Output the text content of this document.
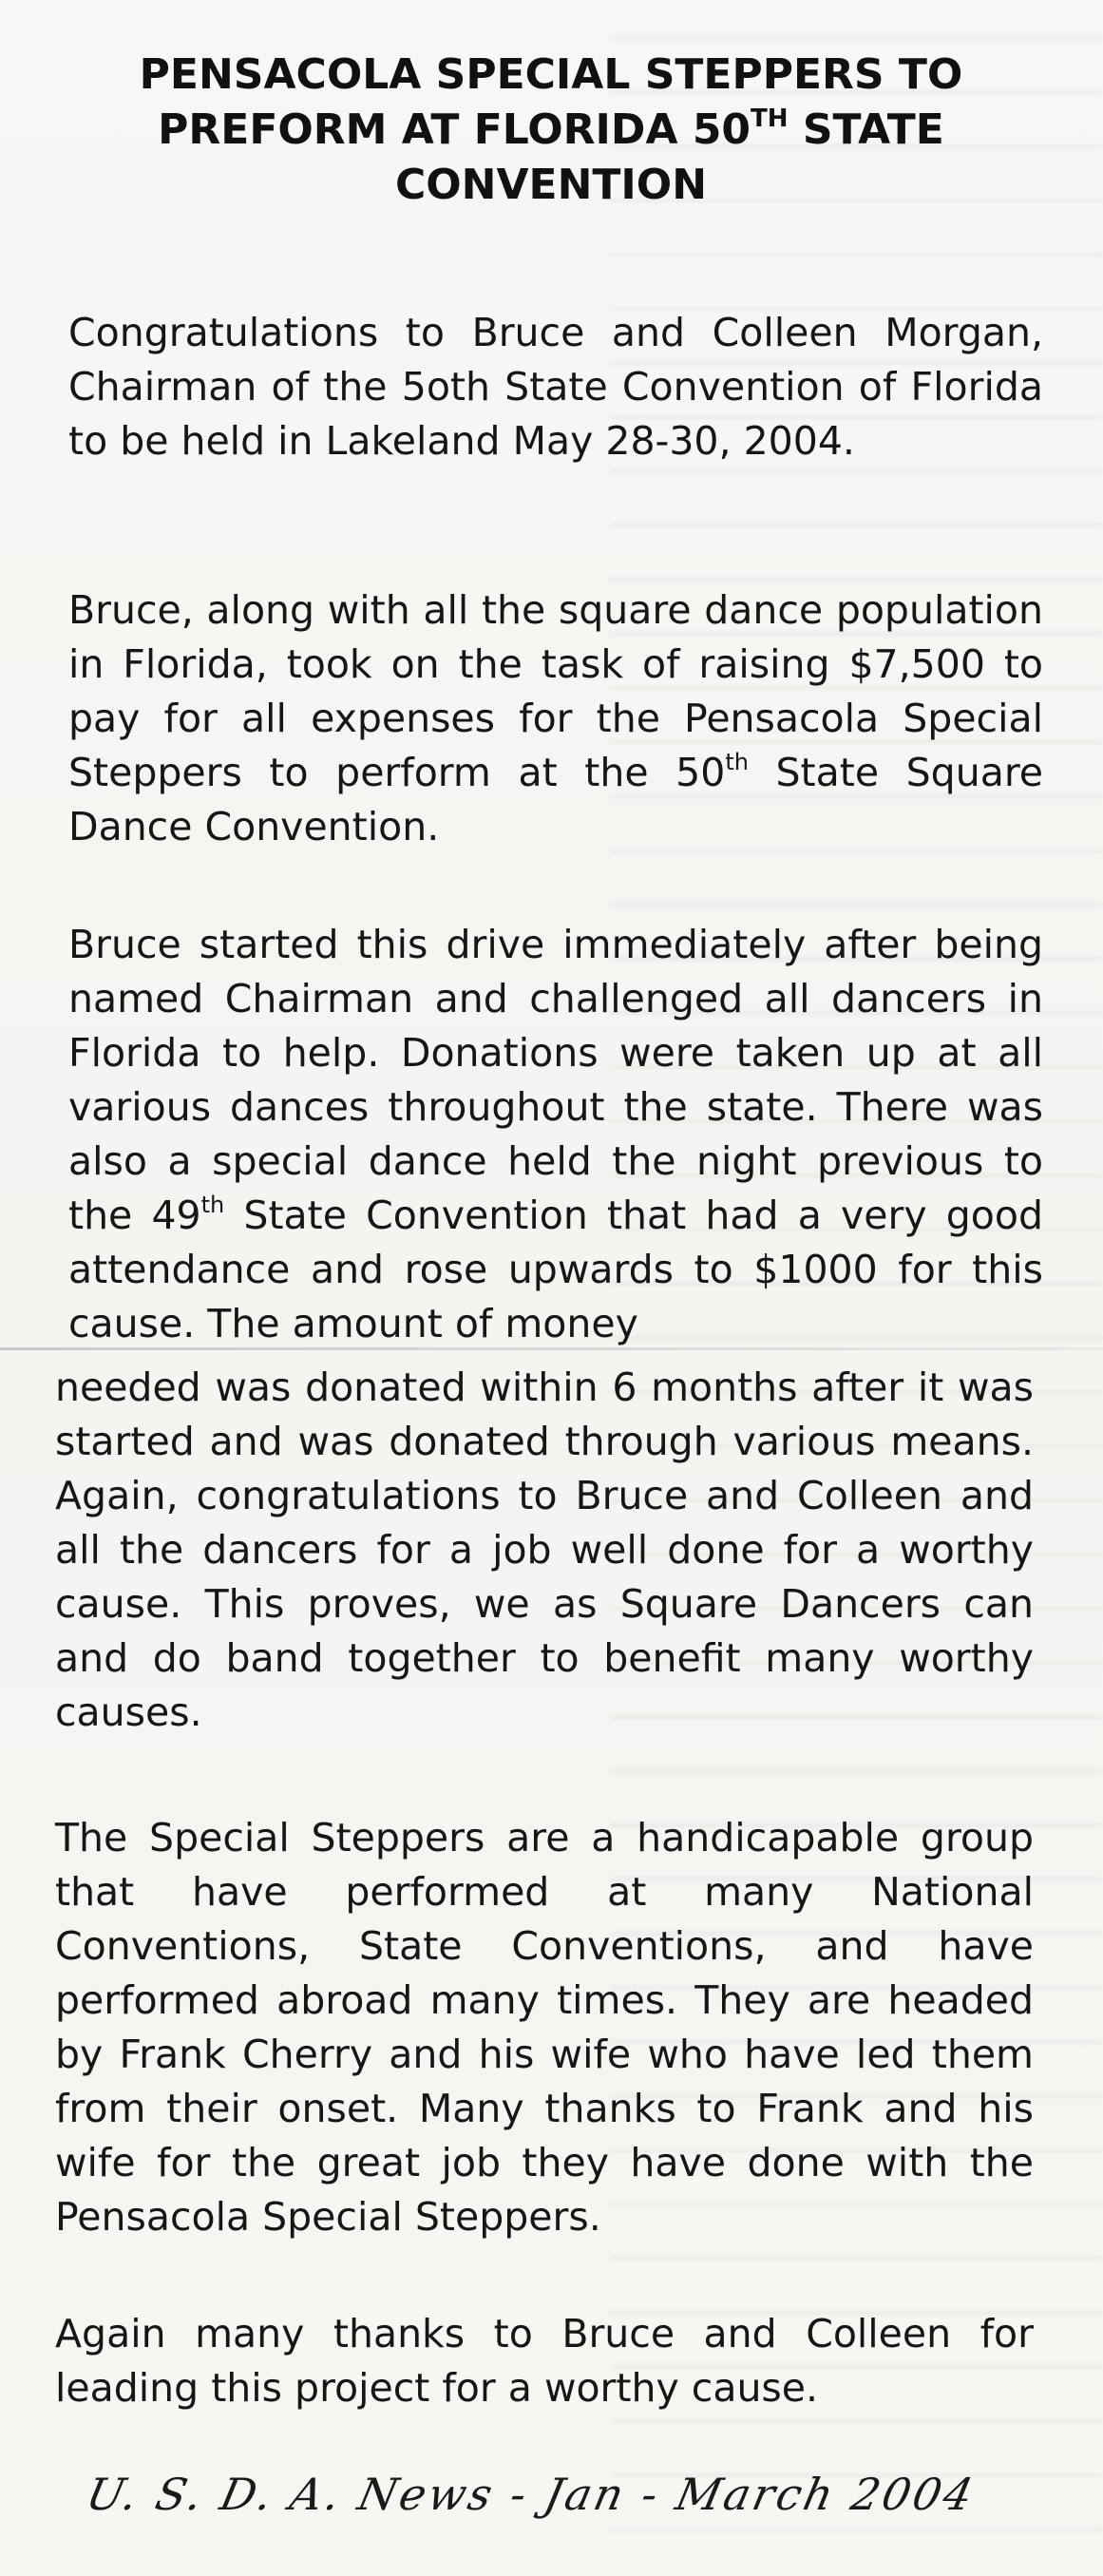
PENSACOLA SPECIAL STEPPERS TO PREFORM AT FLORIDA 50TH STATE CONVENTION

Congratulations to Bruce and Colleen Morgan, Chairman of the 5oth State Convention of Florida to be held in Lakeland May 28-30, 2004.

Bruce, along with all the square dance population in Florida, took on the task of raising $7,500 to pay for all expenses for the Pensacola Special Steppers to perform at the 50th State Square Dance Convention.

Bruce started this drive immediately after being named Chairman and challenged all dancers in Florida to help. Donations were taken up at all various dances throughout the state. There was also a special dance held the night previous to the 49th State Convention that had a very good attendance and rose upwards to $1000 for this cause. The amount of money

needed was donated within 6 months after it was started and was donated through various means. Again, congratulations to Bruce and Colleen and all the dancers for a job well done for a worthy cause. This proves, we as Square Dancers can and do band together to benefit many worthy causes.

The Special Steppers are a handicapable group that have performed at many National Conventions, State Conventions, and have performed abroad many times. They are headed by Frank Cherry and his wife who have led them from their onset. Many thanks to Frank and his wife for the great job they have done with the Pensacola Special Steppers.

Again many thanks to Bruce and Colleen for leading this project for a worthy cause.

U. S. D. A. News - Jan - March 2004
